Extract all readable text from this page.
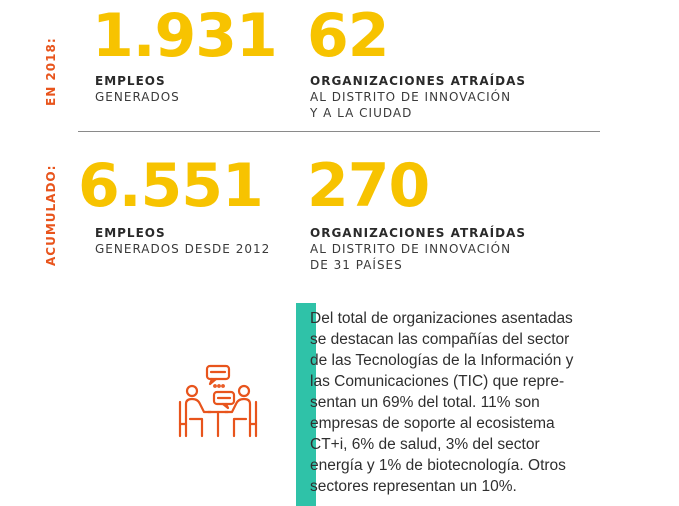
EN 2018:
1.931
EMPLEOS
GENERADOS
62
ORGANIZACIONES ATRAÍDAS
AL DISTRITO DE INNOVACIÓN
Y A LA CIUDAD
ACUMULADO: 6.551
EMPLEOS
GENERADOS DESDE 2012
270
ORGANIZACIONES ATRAÍDAS
AL DISTRITO DE INNOVACIÓN
DE 31 PAÍSES
Del total de organizaciones asentadas
se destacan las compañías del sector
de las Tecnologías de la Información y
las Comunicaciones (TIC) que repre-
sentan un 69% del total. 11% son
empresas de soporte al ecosistema
CT+i, 6% de salud, 3% del sector
energía y 1% de biotecnología. Otros
sectores representan un 10%.
